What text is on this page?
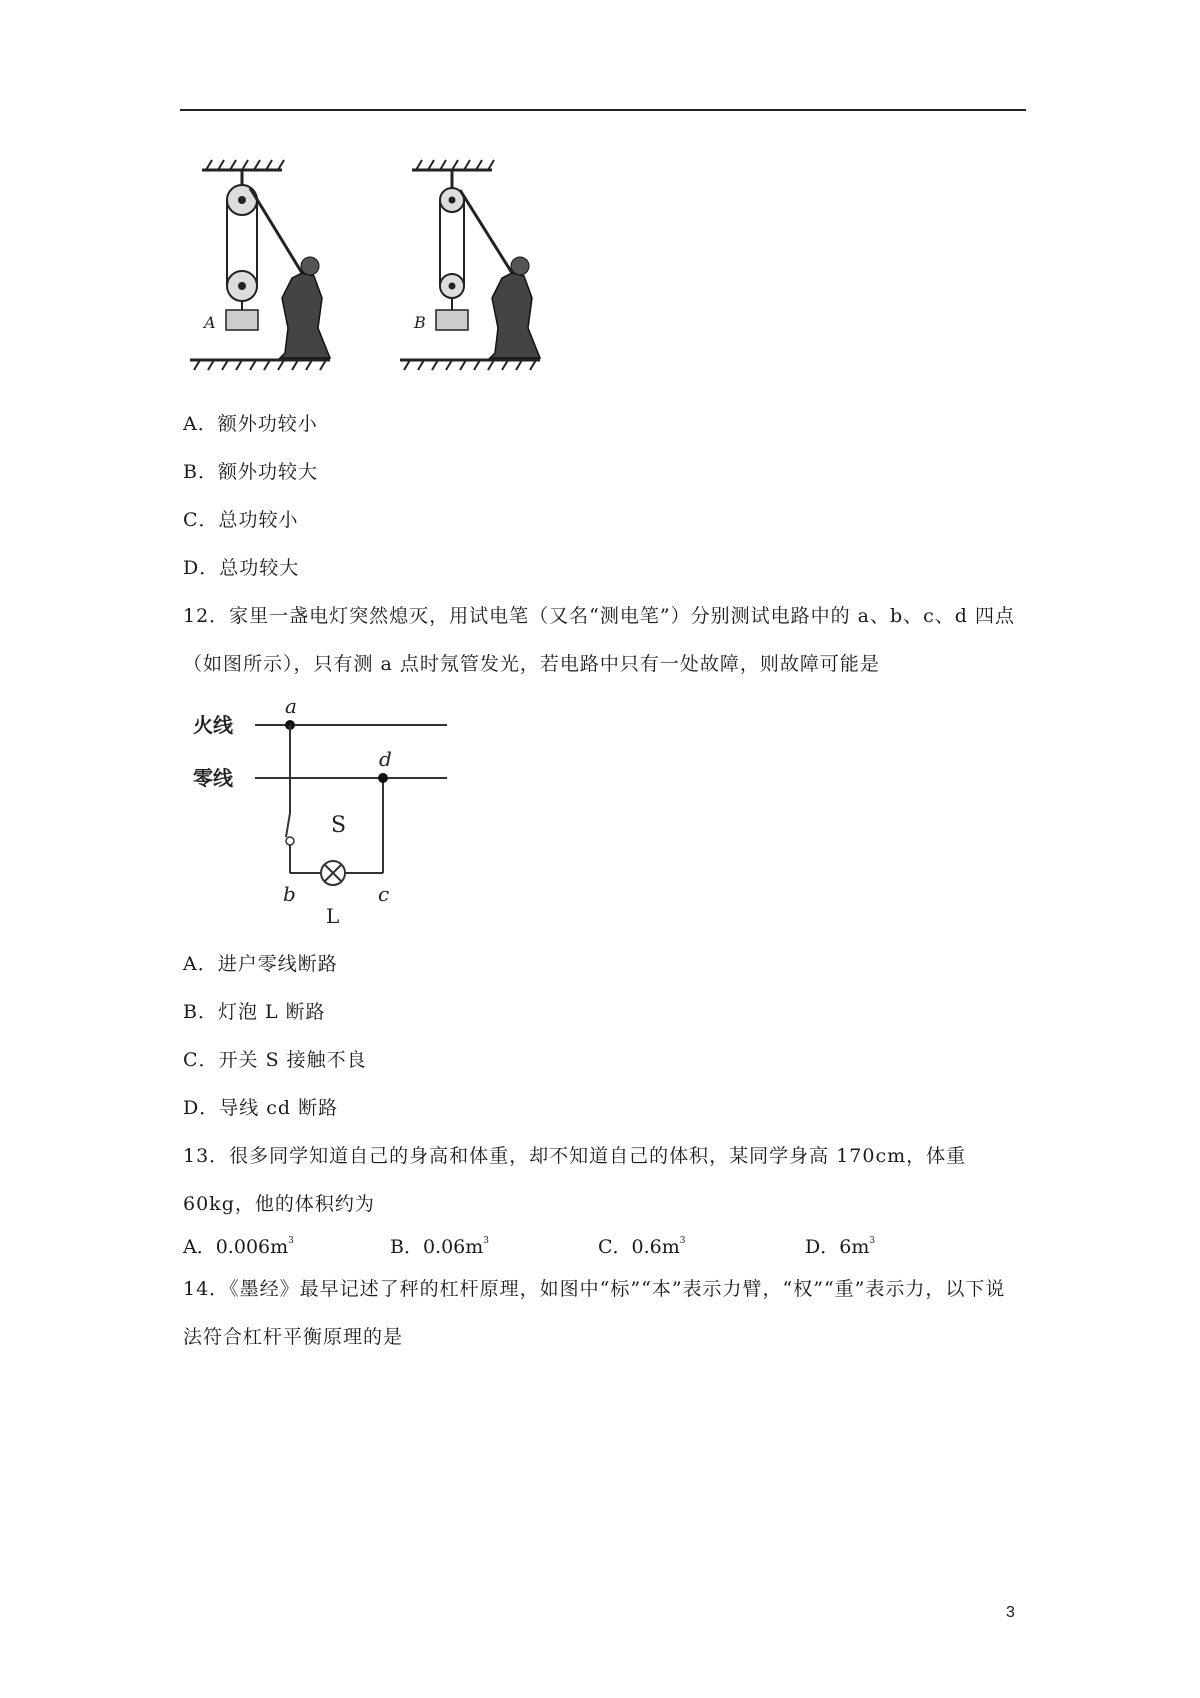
A	B
A．额外功较小
B．额外功较大
C．总功较小
D．总功较大
12．家里一盏电灯突然熄灭，用试电笔（又名“测电笔”）分别测试电路中的 a、b、c、d 四点（如图所示），只有测 a 点时氖管发光，若电路中只有一处故障，则故障可能是
火线
零线
a
S
d
b	c
L
A．进户零线断路
B．灯泡 L 断路
C．开关 S 接触不良
D．导线 cd 断路
13．很多同学知道自己的身高和体重，却不知道自己的体积，某同学身高 170cm，体重 60kg，他的体积约为
A．$0.006m^3$	B．$0.06m^3$	C．$0.6m^3$	D．$6m^3$
14．《墨经》最早记述了秤的杠杆原理，如图中“标”“本”表示力臂，“权”“重”表示力，以下说法符合杠杆平衡原理的是
3
